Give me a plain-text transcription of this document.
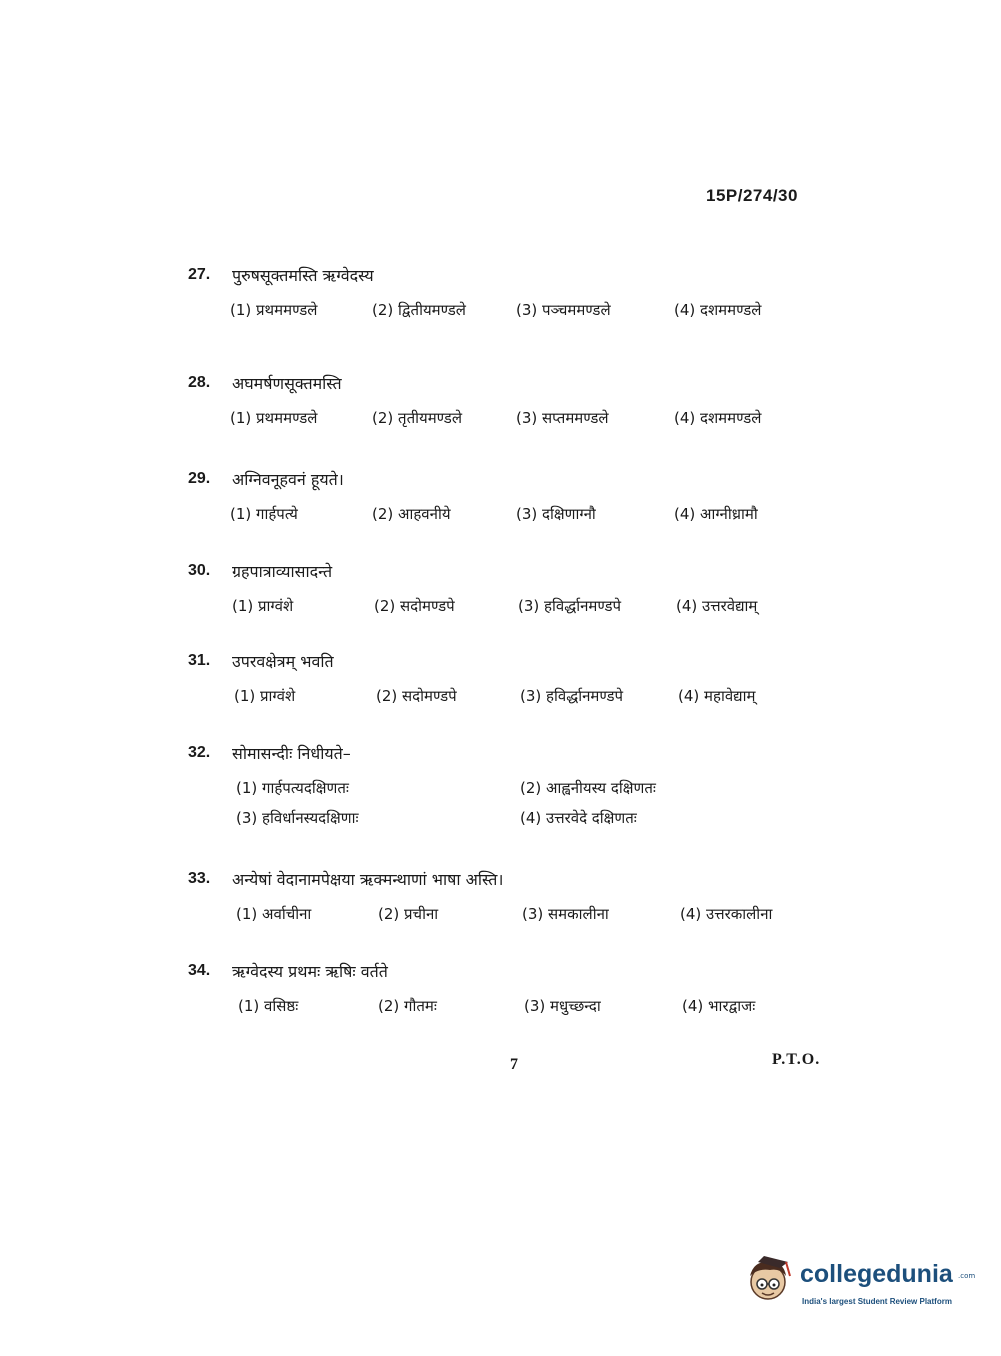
15P/274/30
27. पुरुषसूक्तमस्ति ऋग्वेदस्य
(1) प्रथममण्डले	(2) द्वितीयमण्डले	(3) पञ्चममण्डले	(4) दशममण्डले
28. अघमर्षणसूक्तमस्ति
(1) प्रथममण्डले	(2) तृतीयमण्डले	(3) सप्तममण्डले	(4) दशममण्डले
29. अग्निवनूहवनं हूयते।
(1) गार्हपत्ये	(2) आहवनीये	(3) दक्षिणाग्नौ	(4) आग्नीध्रामौ
30. ग्रहपात्राव्यासादन्ते
(1) प्राग्वंशे	(2) सदोमण्डपे	(3) हविर्द्धानमण्डपे	(4) उत्तरवेद्याम्
31. उपरवक्षेत्रम् भवति
(1) प्राग्वंशे	(2) सदोमण्डपे	(3) हविर्द्धानमण्डपे	(4) महावेद्याम्
32. सोमासन्दीः निधीयते–
(1) गार्हपत्यदक्षिणतः	(2) आह्वनीयस्य दक्षिणतः
(3) हविर्धानस्यदक्षिणाः	(4) उत्तरवेदे दक्षिणतः
33. अन्येषां वेदानामपेक्षया ऋक्मन्थाणां भाषा अस्ति।
(1) अर्वाचीना	(2) प्रचीना	(3) समकालीना	(4) उत्तरकालीना
34. ऋग्वेदस्य प्रथमः ऋषिः वर्तते
(1) वसिष्ठः	(2) गौतमः	(3) मधुच्छन्दा	(4) भारद्वाजः
7	P.T.O.
collegedunia .com
India's largest Student Review Platform
